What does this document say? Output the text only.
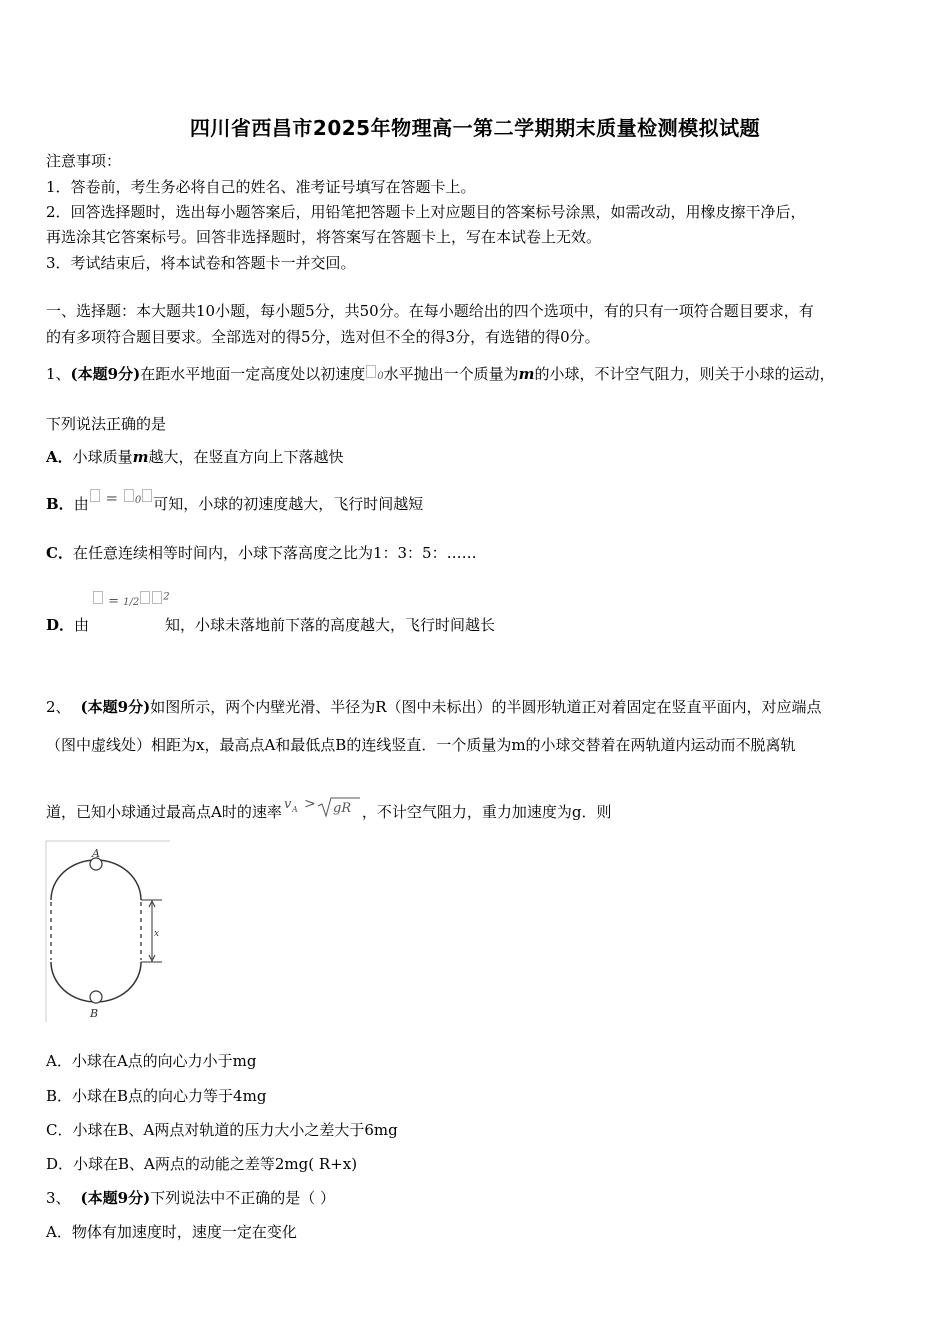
四川省西昌市2025年物理高一第二学期期末质量检测模拟试题
注意事项：
1．答卷前，考生务必将自己的姓名、准考证号填写在答题卡上。
2．回答选择题时，选出每小题答案后，用铅笔把答题卡上对应题目的答案标号涂黑，如需改动，用橡皮擦干净后，
再选涂其它答案标号。回答非选择题时，将答案写在答题卡上，写在本试卷上无效。
3．考试结束后，将本试卷和答题卡一并交回。
一、选择题：本大题共10小题，每小题5分，共50分。在每小题给出的四个选项中，有的只有一项符合题目要求，有
的有多项符合题目要求。全部选对的得5分，选对但不全的得3分，有选错的得0分。
1、(本题9分)在距水平地面一定高度处以初速度 0水平抛出一个质量为m的小球，不计空气阻力，则关于小球的运动，
下列说法正确的是
A．小球质量m越大，在竖直方向上下落越快
B．由 = 0 可知，小球的初速度越大，飞行时间越短
C．在任意连续相等时间内，小球下落高度之比为1：3：5：……
= 1/2 $^2$
D．由	知，小球未落地前下落的高度越大，飞行时间越长
2、 (本题9分)如图所示，两个内壁光滑、半径为R（图中未标出）的半圆形轨道正对着固定在竖直平面内，对应端点
（图中虚线处）相距为x，最高点A和最低点B的连线竖直．一个质量为m的小球交替着在两轨道内运动而不脱离轨
道，已知小球通过最高点A时的速率 v A > gR ，不计空气阻力，重力加速度为g．则
x
A
B
A．小球在A点的向心力小于mg
B．小球在B点的向心力等于4mg
C．小球在B、A两点对轨道的压力大小之差大于6mg
D．小球在B、A两点的动能之差等2mg( R+x)
3、 (本题9分)下列说法中不正确的是（ ）
A．物体有加速度时，速度一定在变化
